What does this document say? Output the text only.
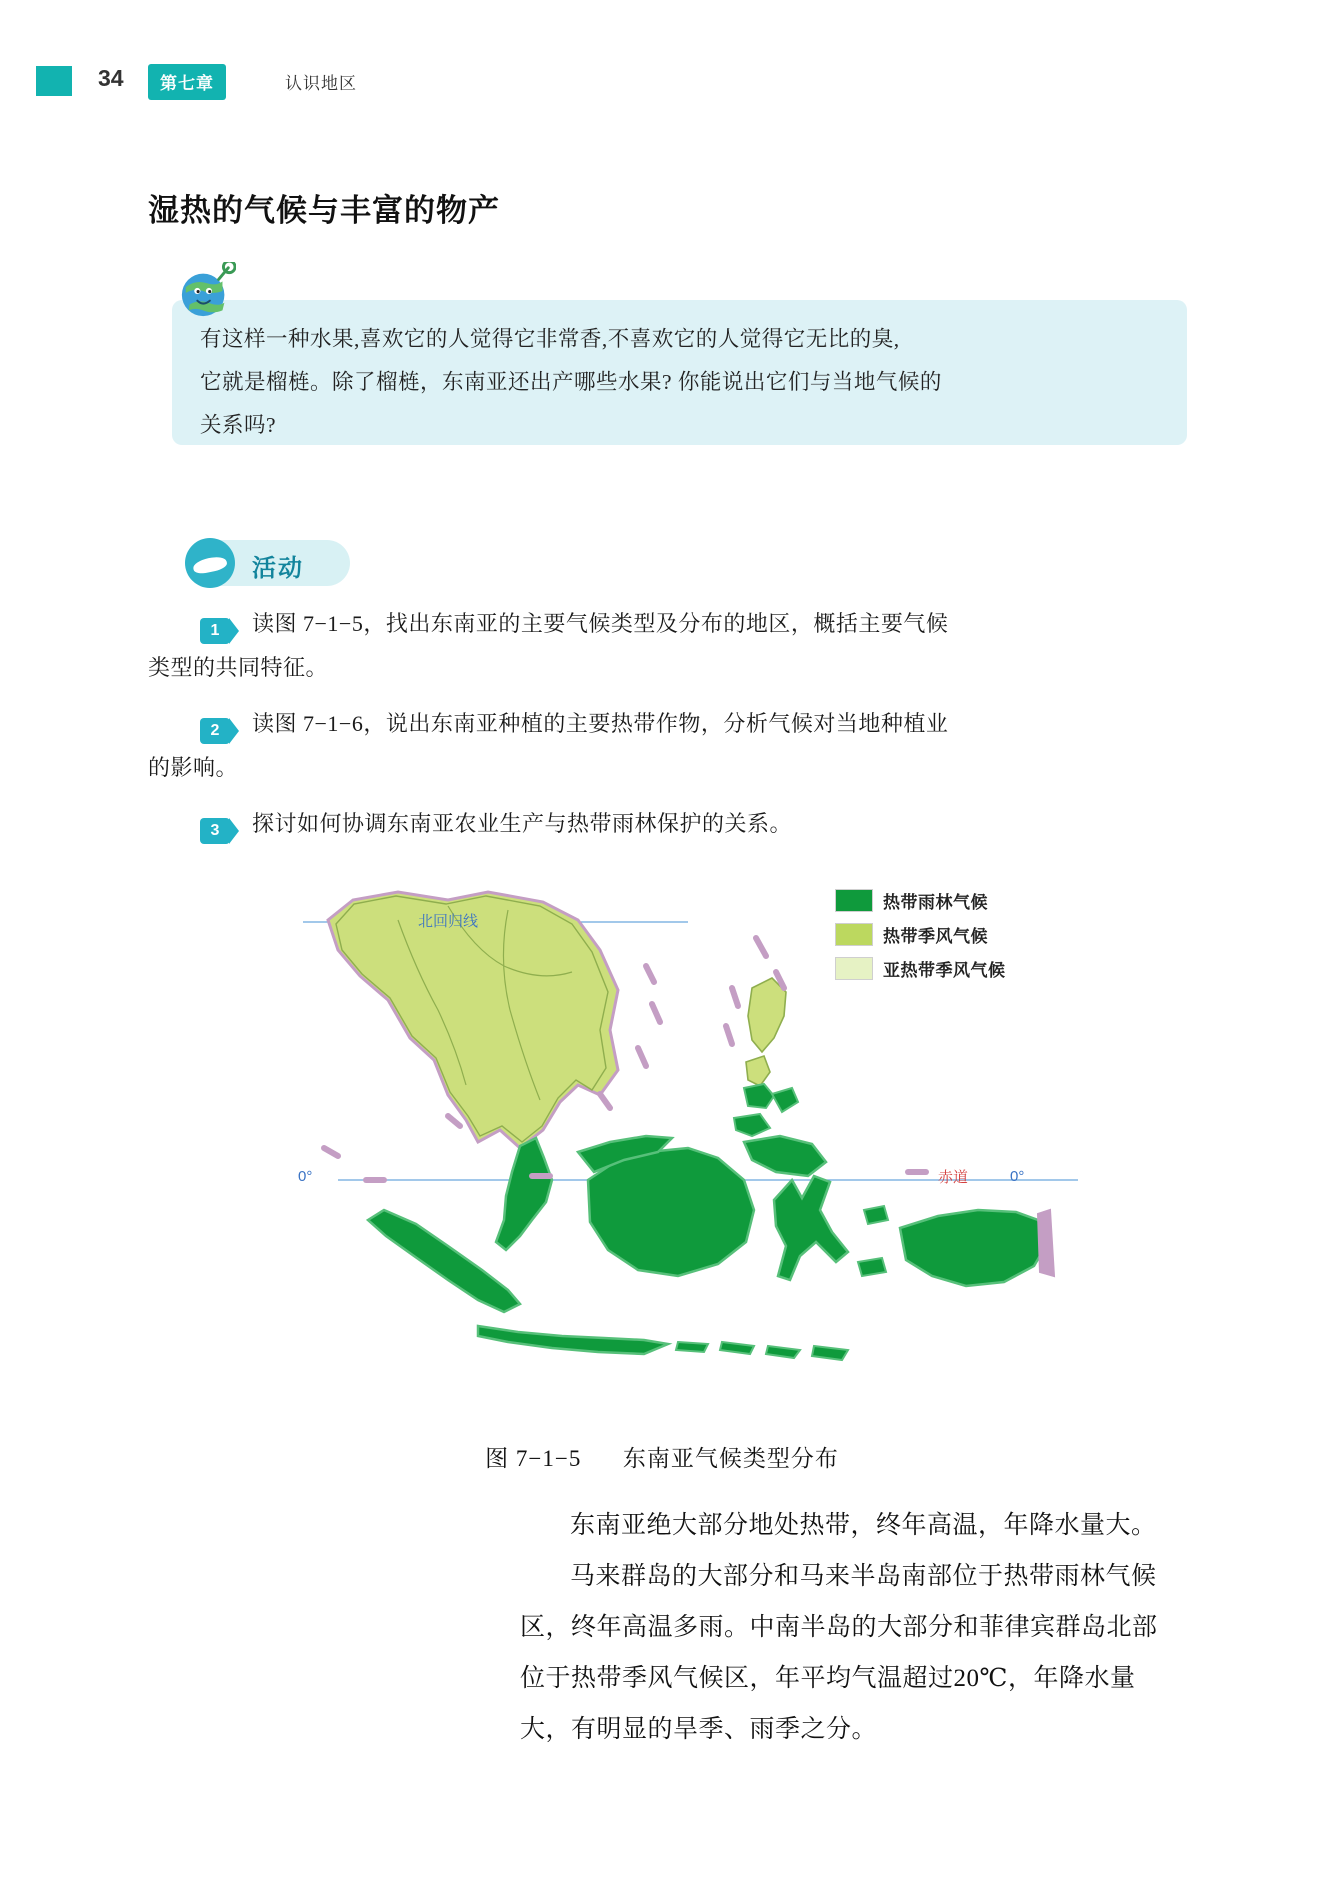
34	第七章	认识地区
湿热的气候与丰富的物产
有这样一种水果,喜欢它的人觉得它非常香,不喜欢它的人觉得它无比的臭,
它就是榴梿。除了榴梿，东南亚还出产哪些水果? 你能说出它们与当地气候的
关系吗?
活动
1	读图 7−1−5，找出东南亚的主要气候类型及分布的地区，概括主要气候
类型的共同特征。
2	读图 7−1−6，说出东南亚种植的主要热带作物，分析气候对当地种植业
的影响。
3	探讨如何协调东南亚农业生产与热带雨林保护的关系。
北回归线
0°	赤道	0°
热带雨林气候
热带季风气候
亚热带季风气候
图 7−1−5 东南亚气候类型分布

东南亚绝大部分地处热带，终年高温，年降水量大。

马来群岛的大部分和马来半岛南部位于热带雨林气候区，终年高温多雨。中南半岛的大部分和菲律宾群岛北部位于热带季风气候区，年平均气温超过20℃，年降水量大，有明显的旱季、雨季之分。
